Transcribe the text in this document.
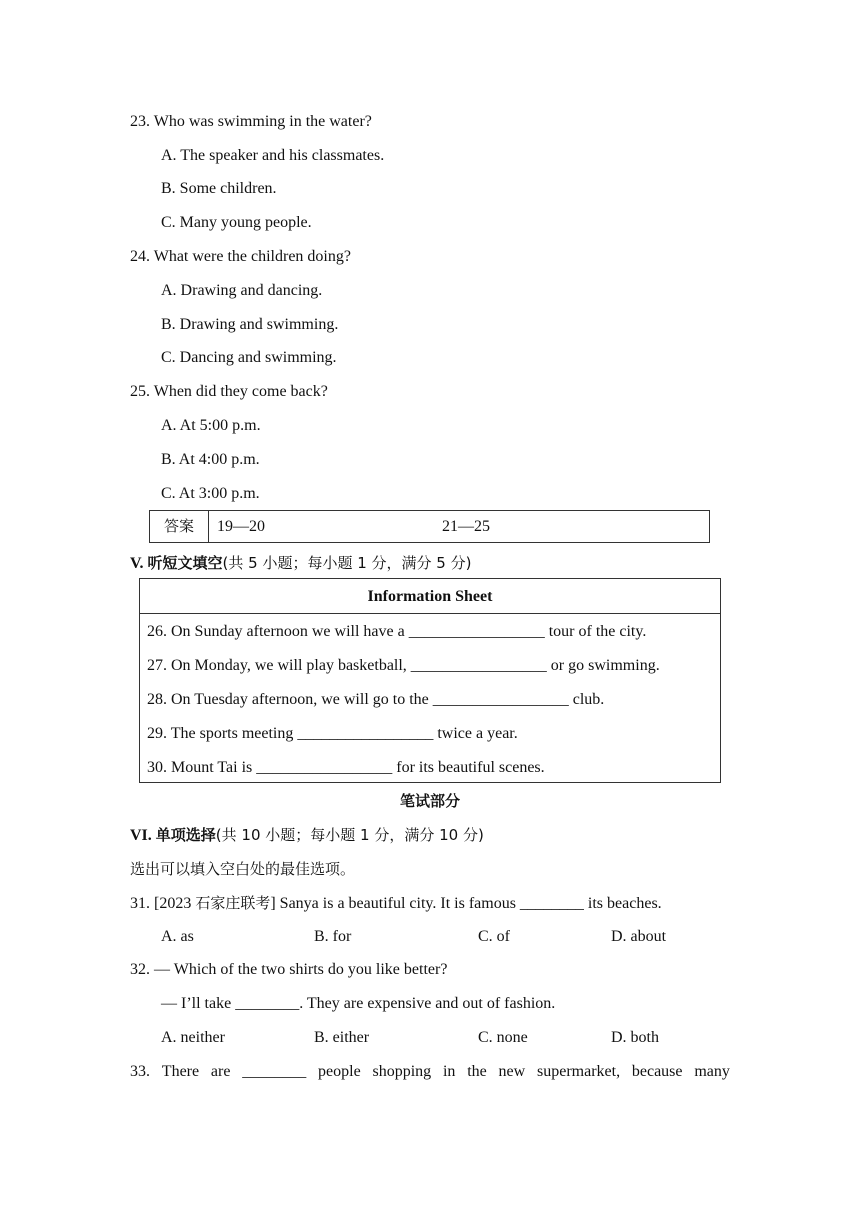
23. Who was swimming in the water?
A. The speaker and his classmates.
B. Some children.
C. Many young people.
24. What were the children doing?
A. Drawing and dancing.
B. Drawing and swimming.
C. Dancing and swimming.
25. When did they come back?
A. At 5:00 p.m.
B. At 4:00 p.m.
C. At 3:00 p.m.
答案	19—20	21—25
V. 听短文填空(共 5 小题；每小题 1 分，满分 5 分)
Information Sheet
26. On Sunday afternoon we will have a _________________ tour of the city.
27. On Monday, we will play basketball, _________________ or go swimming.
28. On Tuesday afternoon, we will go to the _________________ club.
29. The sports meeting _________________ twice a year.
30. Mount Tai is _________________ for its beautiful scenes.
笔试部分
VI. 单项选择(共 10 小题；每小题 1 分，满分 10 分)
选出可以填入空白处的最佳选项。
31. [2023 石家庄联考] Sanya is a beautiful city. It is famous ________ its beaches.
A. as	B. for	C. of	D. about
32. — Which of the two shirts do you like better?
— I’ll take ________. They are expensive and out of fashion.
A. neither	B. either	C. none	D. both
33. There are ________ people shopping in the new supermarket, because many
